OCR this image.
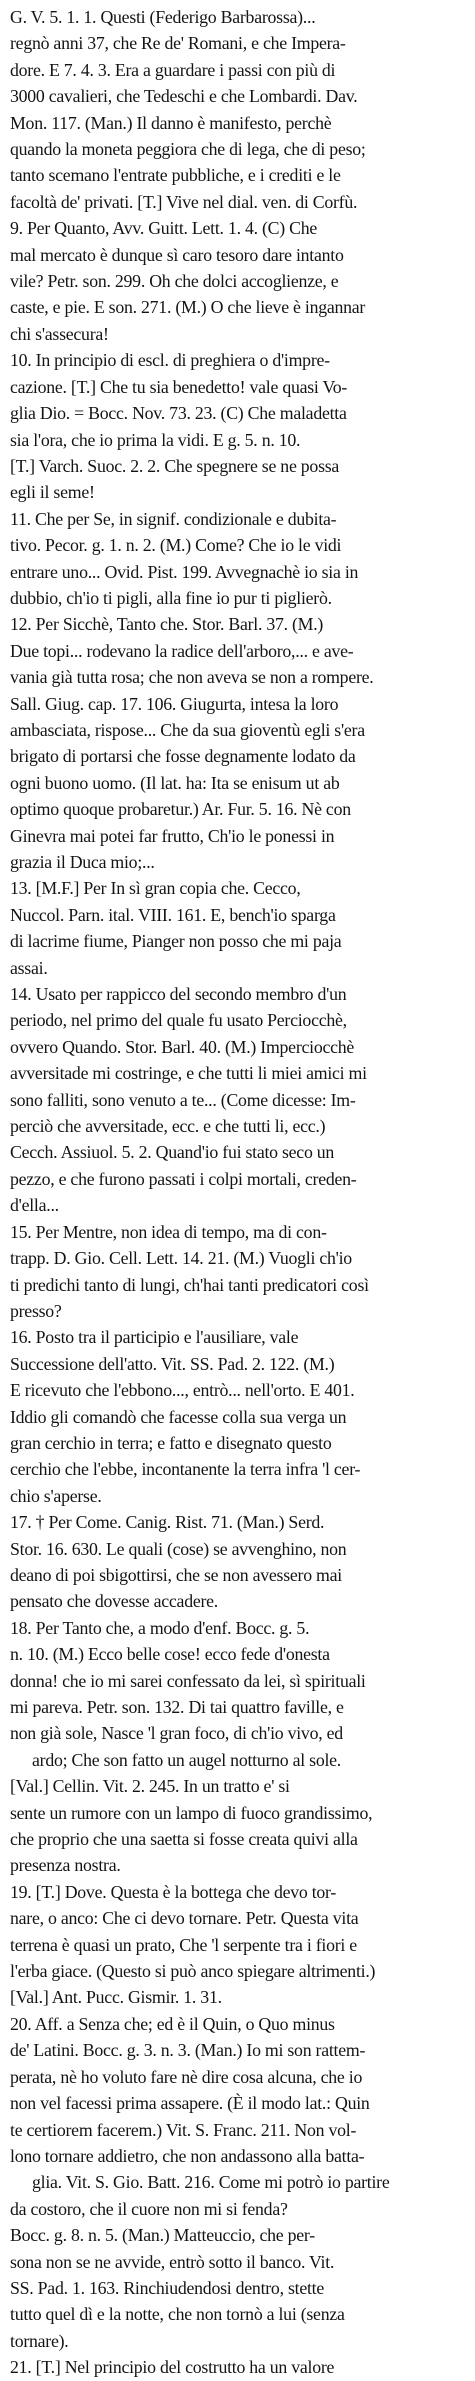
G. V. 5. 1. 1. Questi (Federigo Barbarossa)...
regnò anni 37, che Re de' Romani, e che Impera-
dore. E 7. 4. 3. Era a guardare i passi con più di
3000 cavalieri, che Tedeschi e che Lombardi. Dav.
Mon. 117. (Man.) Il danno è manifesto, perchè
quando la moneta peggiora che di lega, che di peso;
tanto scemano l'entrate pubbliche, e i crediti e le
facoltà de' privati. [T.] Vive nel dial. ven. di Corfù.
9. Per Quanto, Avv. Guitt. Lett. 1. 4. (C) Che
mal mercato è dunque sì caro tesoro dare intanto
vile? Petr. son. 299. Oh che dolci accoglienze, e
caste, e pie. E son. 271. (M.) O che lieve è ingannar
chi s'assecura!
10. In principio di escl. di preghiera o d'impre-
cazione. [T.] Che tu sia benedetto! vale quasi Vo-
glia Dio. = Bocc. Nov. 73. 23. (C) Che maladetta
sia l'ora, che io prima la vidi. E g. 5. n. 10.
[T.] Varch. Suoc. 2. 2. Che spegnere se ne possa
egli il seme!
11. Che per Se, in signif. condizionale e dubita-
tivo. Pecor. g. 1. n. 2. (M.) Come? Che io le vidi
entrare uno... Ovid. Pist. 199. Avvegnachè io sia in
dubbio, ch'io ti pigli, alla fine io pur ti piglierò.
12. Per Sicchè, Tanto che. Stor. Barl. 37. (M.)
Due topi... rodevano la radice dell'arboro,... e ave-
vania già tutta rosa; che non aveva se non a rompere.
Sall. Giug. cap. 17. 106. Giugurta, intesa la loro
ambasciata, rispose... Che da sua gioventù egli s'era
brigato di portarsi che fosse degnamente lodato da
ogni buono uomo. (Il lat. ha: Ita se enisum ut ab
optimo quoque probaretur.) Ar. Fur. 5. 16. Nè con
Ginevra mai potei far frutto, Ch'io le ponessi in
grazia il Duca mio;...
13. [M.F.] Per In sì gran copia che. Cecco,
Nuccol. Parn. ital. VIII. 161. E, bench'io sparga
di lacrime fiume, Pianger non posso che mi paja
assai.
14. Usato per rappicco del secondo membro d'un
periodo, nel primo del quale fu usato Perciocchè,
ovvero Quando. Stor. Barl. 40. (M.) Imperciocchè
avversitade mi costringe, e che tutti li miei amici mi
sono falliti, sono venuto a te... (Come dicesse: Im-
perciò che avversitade, ecc. e che tutti li, ecc.)
Cecch. Assiuol. 5. 2. Quand'io fui stato seco un
pezzo, e che furono passati i colpi mortali, creden-
d'ella...
15. Per Mentre, non idea di tempo, ma di con-
trapp. D. Gio. Cell. Lett. 14. 21. (M.) Vuogli ch'io
ti predichi tanto di lungi, ch'hai tanti predicatori così
presso?
16. Posto tra il participio e l'ausiliare, vale
Successione dell'atto. Vit. SS. Pad. 2. 122. (M.)
E ricevuto che l'ebbono..., entrò... nell'orto. E 401.
Iddio gli comandò che facesse colla sua verga un
gran cerchio in terra; e fatto e disegnato questo
cerchio che l'ebbe, incontanente la terra infra 'l cer-
chio s'aperse.
17. † Per Come. Canig. Rist. 71. (Man.) Serd.
Stor. 16. 630. Le quali (cose) se avvenghino, non
deano di poi sbigottirsi, che se non avessero mai
pensato che dovesse accadere.
18. Per Tanto che, a modo d'enf. Bocc. g. 5.
n. 10. (M.) Ecco belle cose! ecco fede d'onesta
donna! che io mi sarei confessato da lei, sì spirituali
mi pareva. Petr. son. 132. Di tai quattro faville, e
non già sole, Nasce 'l gran foco, di ch'io vivo, ed
ardo; Che son fatto un augel notturno al sole.
[Val.] Cellin. Vit. 2. 245. In un tratto e' si
sente un rumore con un lampo di fuoco grandissimo,
che proprio che una saetta si fosse creata quivi alla
presenza nostra.
19. [T.] Dove. Questa è la bottega che devo tor-
nare, o anco: Che ci devo tornare. Petr. Questa vita
terrena è quasi un prato, Che 'l serpente tra i fiori e
l'erba giace. (Questo si può anco spiegare altrimenti.)
[Val.] Ant. Pucc. Gismir. 1. 31.
20. Aff. a Senza che; ed è il Quin, o Quo minus
de' Latini. Bocc. g. 3. n. 3. (Man.) Io mi son rattem-
perata, nè ho voluto fare nè dire cosa alcuna, che io
non vel facessi prima assapere. (È il modo lat.: Quin
te certiorem facerem.) Vit. S. Franc. 211. Non vol-
lono tornare addietro, che non andassono alla batta-
glia. Vit. S. Gio. Batt. 216. Come mi potrò io partire
da costoro, che il cuore non mi si fenda?
Bocc. g. 8. n. 5. (Man.) Matteuccio, che per-
sona non se ne avvide, entrò sotto il banco. Vit.
SS. Pad. 1. 163. Rinchiudendosi dentro, stette
tutto quel dì e la notte, che non tornò a lui (senza
tornare).
21. [T.] Nel principio del costrutto ha un valore
